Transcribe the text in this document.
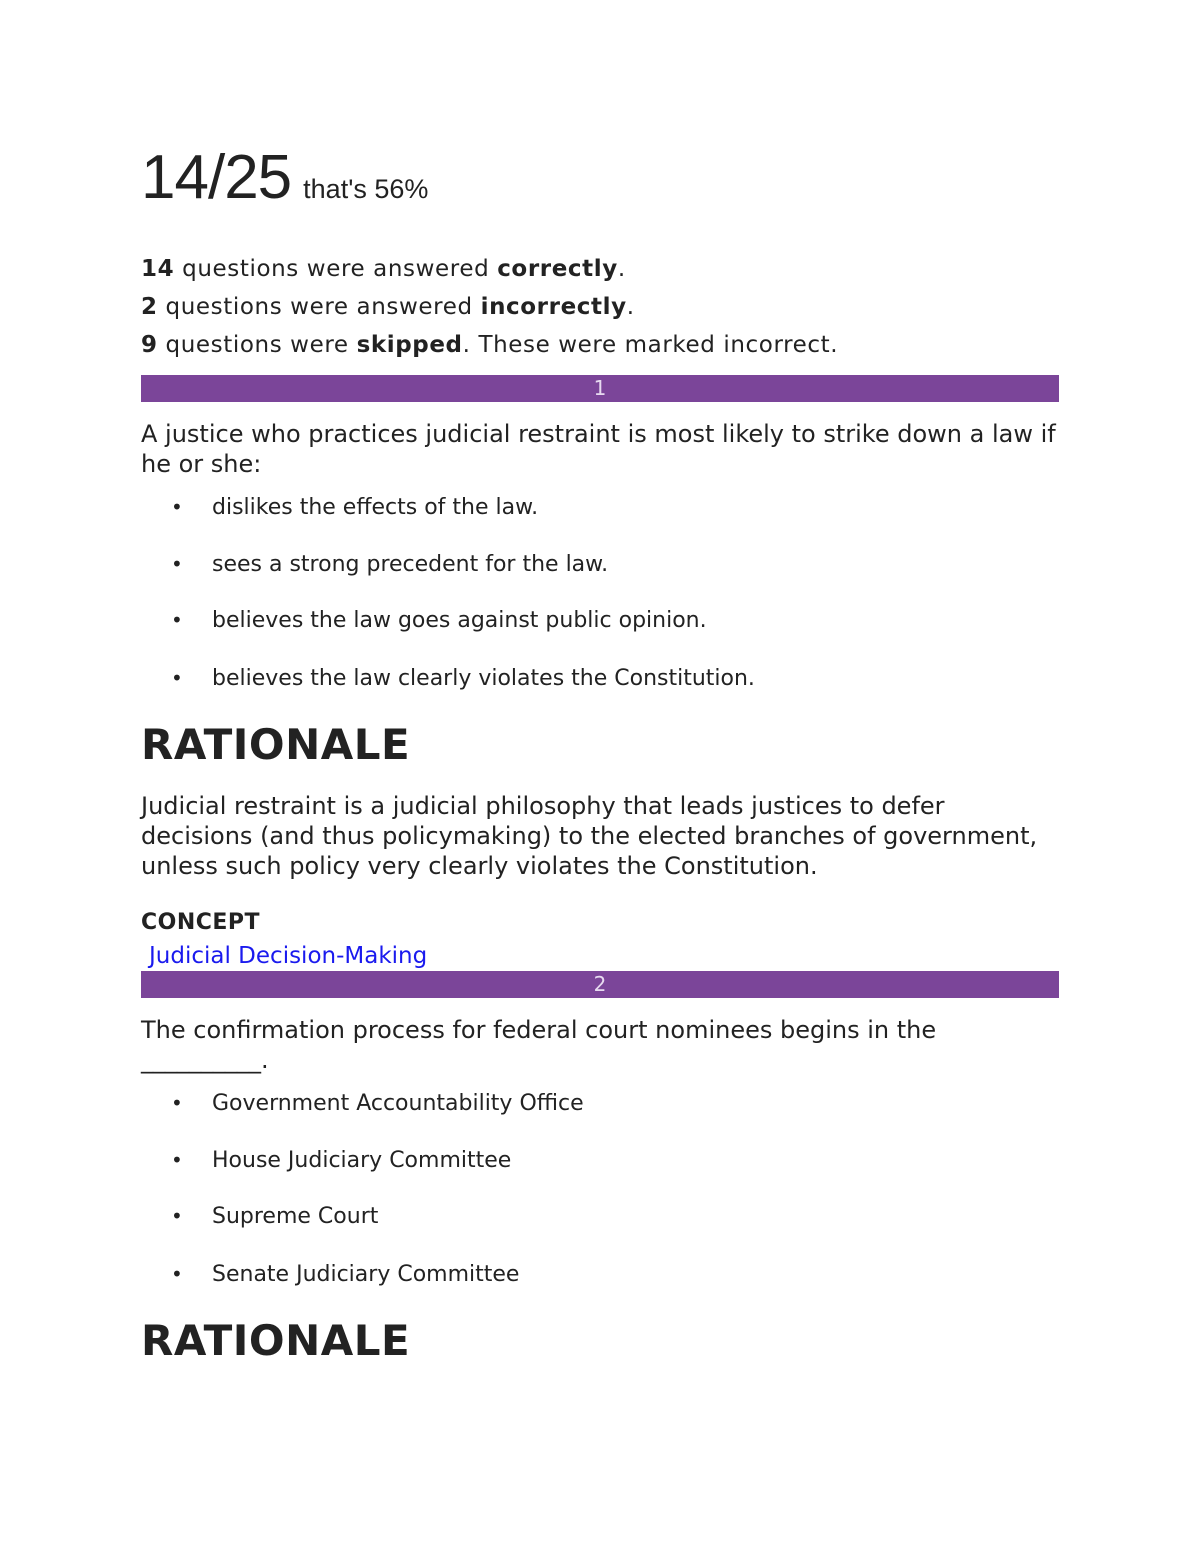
14/25 that's 56%
14 questions were answered correctly.
2 questions were answered incorrectly.
9 questions were skipped. These were marked incorrect.
1

A justice who practices judicial restraint is most likely to strike down a law if he or she:

• dislikes the effects of the law.
• sees a strong precedent for the law.
• believes the law goes against public opinion.
• believes the law clearly violates the Constitution.
RATIONALE

Judicial restraint is a judicial philosophy that leads justices to defer decisions (and thus policymaking) to the elected branches of government, unless such policy very clearly violates the Constitution.

CONCEPT
Judicial Decision-Making
2

The confirmation process for federal court nominees begins in the __________.

• Government Accountability Office
• House Judiciary Committee
• Supreme Court
• Senate Judiciary Committee
RATIONALE
